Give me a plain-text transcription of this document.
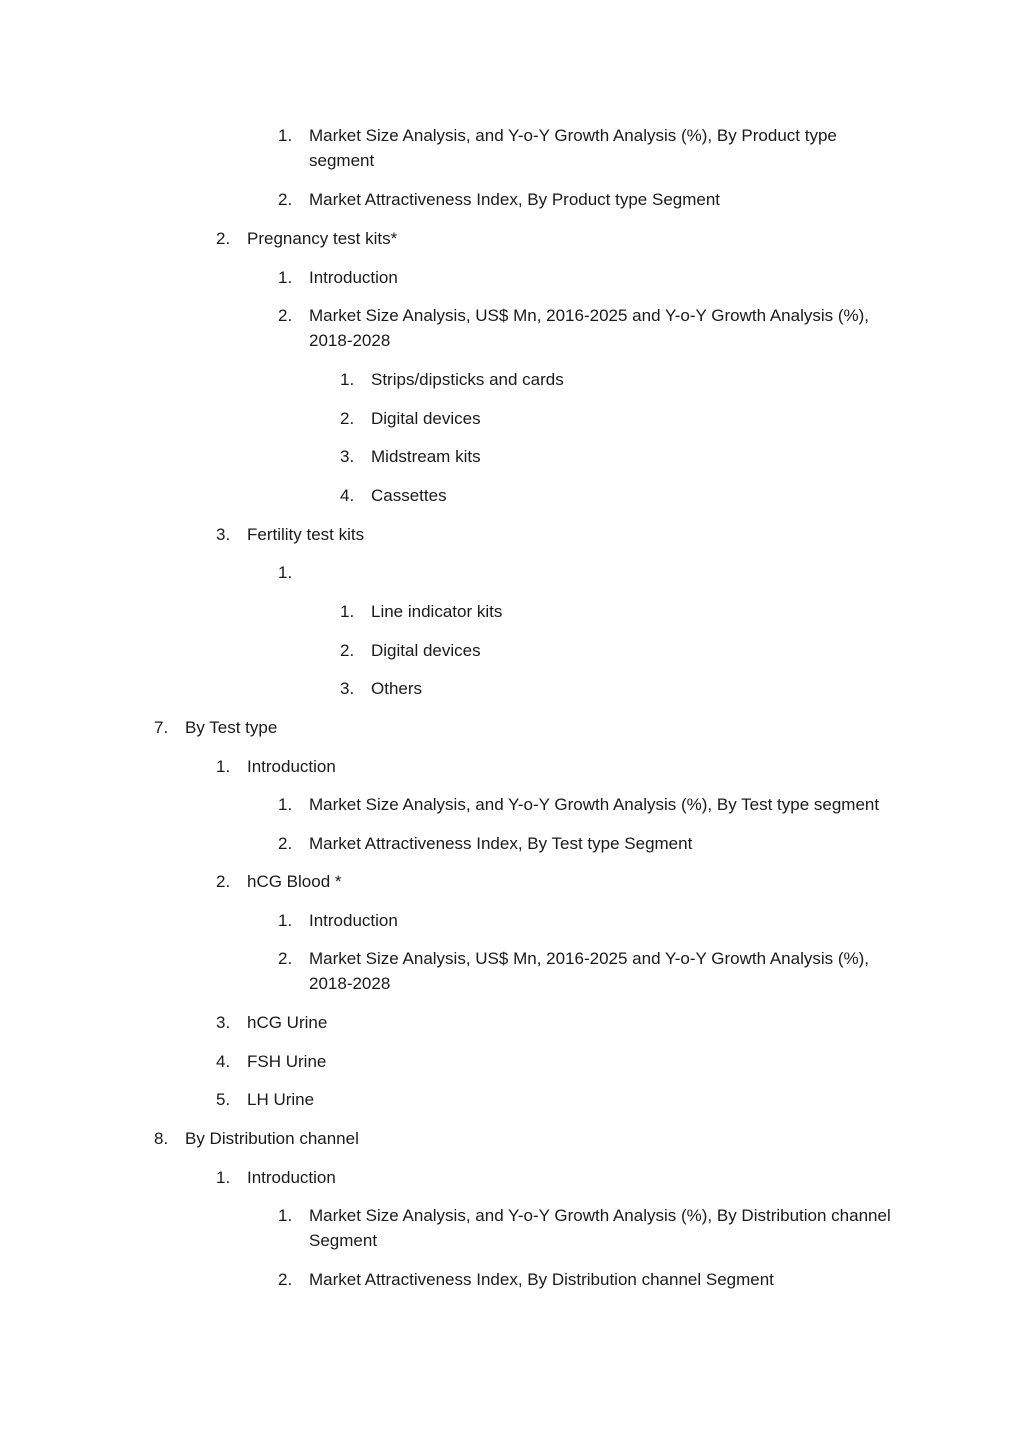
1. Market Size Analysis, and Y-o-Y Growth Analysis (%), By Product type segment
2. Market Attractiveness Index, By Product type Segment
2. Pregnancy test kits*
1. Introduction
2. Market Size Analysis, US$ Mn, 2016-2025 and Y-o-Y Growth Analysis (%), 2018-2028
1. Strips/dipsticks and cards
2. Digital devices
3. Midstream kits
4. Cassettes
3. Fertility test kits
1.
1. Line indicator kits
2. Digital devices
3. Others
7. By Test type
1. Introduction
1. Market Size Analysis, and Y-o-Y Growth Analysis (%), By Test type segment
2. Market Attractiveness Index, By Test type Segment
2. hCG Blood *
1. Introduction
2. Market Size Analysis, US$ Mn, 2016-2025 and Y-o-Y Growth Analysis (%), 2018-2028
3. hCG Urine
4. FSH Urine
5. LH Urine
8. By Distribution channel
1. Introduction
1. Market Size Analysis, and Y-o-Y Growth Analysis (%), By Distribution channel Segment
2. Market Attractiveness Index, By Distribution channel Segment
